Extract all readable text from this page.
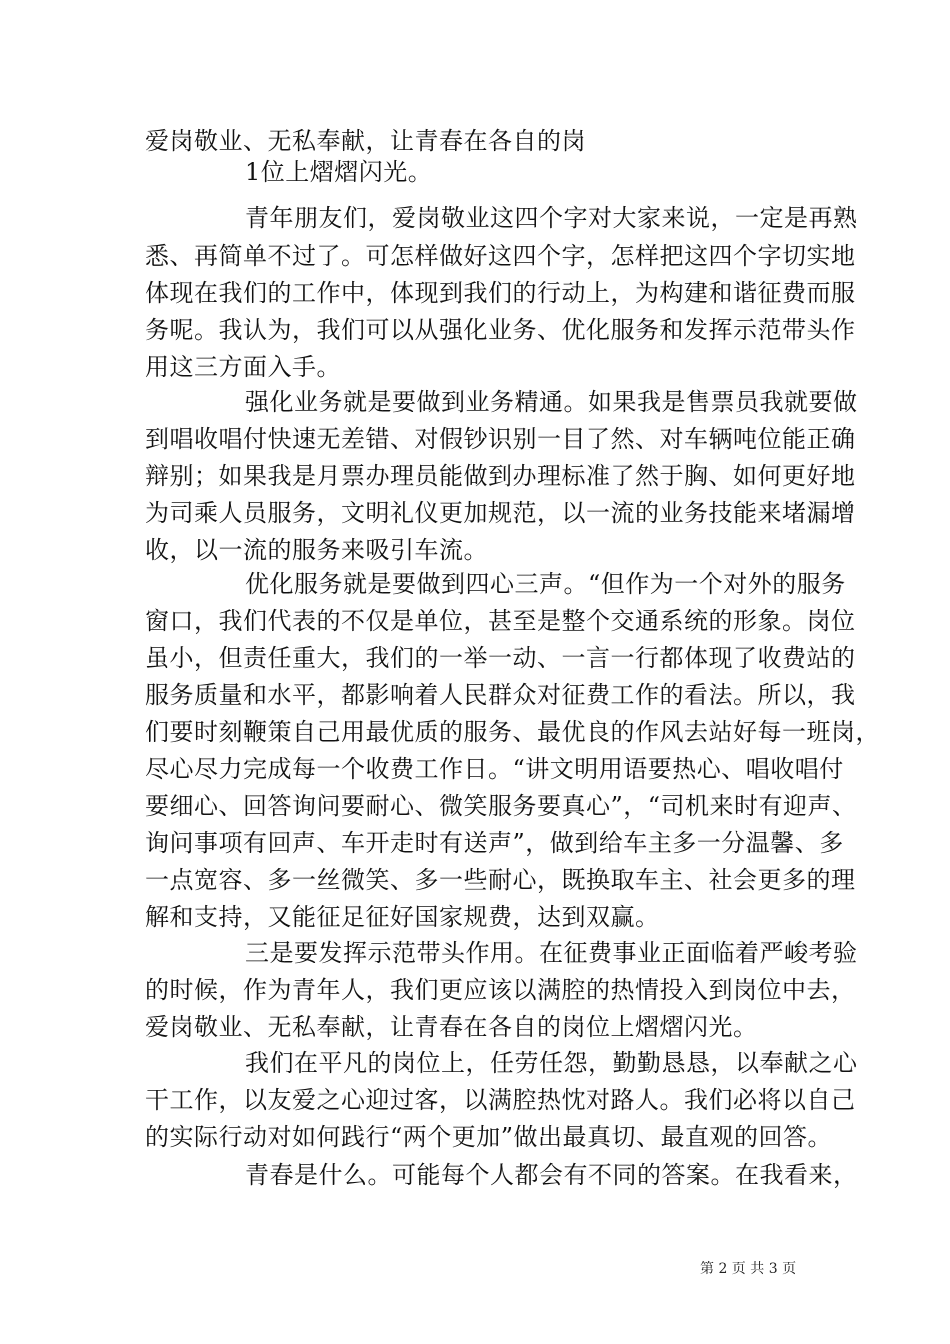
爱岗敬业、无私奉献，让青春在各自的岗
1位上熠熠闪光。
青年朋友们，爱岗敬业这四个字对大家来说，一定是再熟
悉、再简单不过了。可怎样做好这四个字，怎样把这四个字切实地
体现在我们的工作中，体现到我们的行动上，为构建和谐征费而服
务呢。我认为，我们可以从强化业务、优化服务和发挥示范带头作
用这三方面入手。
强化业务就是要做到业务精通。如果我是售票员我就要做
到唱收唱付快速无差错、对假钞识别一目了然、对车辆吨位能正确
辩别；如果我是月票办理员能做到办理标准了然于胸、如何更好地
为司乘人员服务，文明礼仪更加规范，以一流的业务技能来堵漏增
收，以一流的服务来吸引车流。
优化服务就是要做到四心三声。“但作为一个对外的服务
窗口，我们代表的不仅是单位，甚至是整个交通系统的形象。岗位
虽小，但责任重大，我们的一举一动、一言一行都体现了收费站的
服务质量和水平，都影响着人民群众对征费工作的看法。所以，我
们要时刻鞭策自己用最优质的服务、最优良的作风去站好每一班岗，
尽心尽力完成每一个收费工作日。“讲文明用语要热心、唱收唱付
要细心、回答询问要耐心、微笑服务要真心”，“司机来时有迎声、
询问事项有回声、车开走时有送声”，做到给车主多一分温馨、多
一点宽容、多一丝微笑、多一些耐心，既换取车主、社会更多的理
解和支持，又能征足征好国家规费，达到双赢。
三是要发挥示范带头作用。在征费事业正面临着严峻考验
的时候，作为青年人，我们更应该以满腔的热情投入到岗位中去，
爱岗敬业、无私奉献，让青春在各自的岗位上熠熠闪光。
我们在平凡的岗位上，任劳任怨，勤勤恳恳，以奉献之心
干工作，以友爱之心迎过客，以满腔热忱对路人。我们必将以自己
的实际行动对如何践行“两个更加”做出最真切、最直观的回答。
青春是什么。可能每个人都会有不同的答案。在我看来，
第 2 页 共 3 页
